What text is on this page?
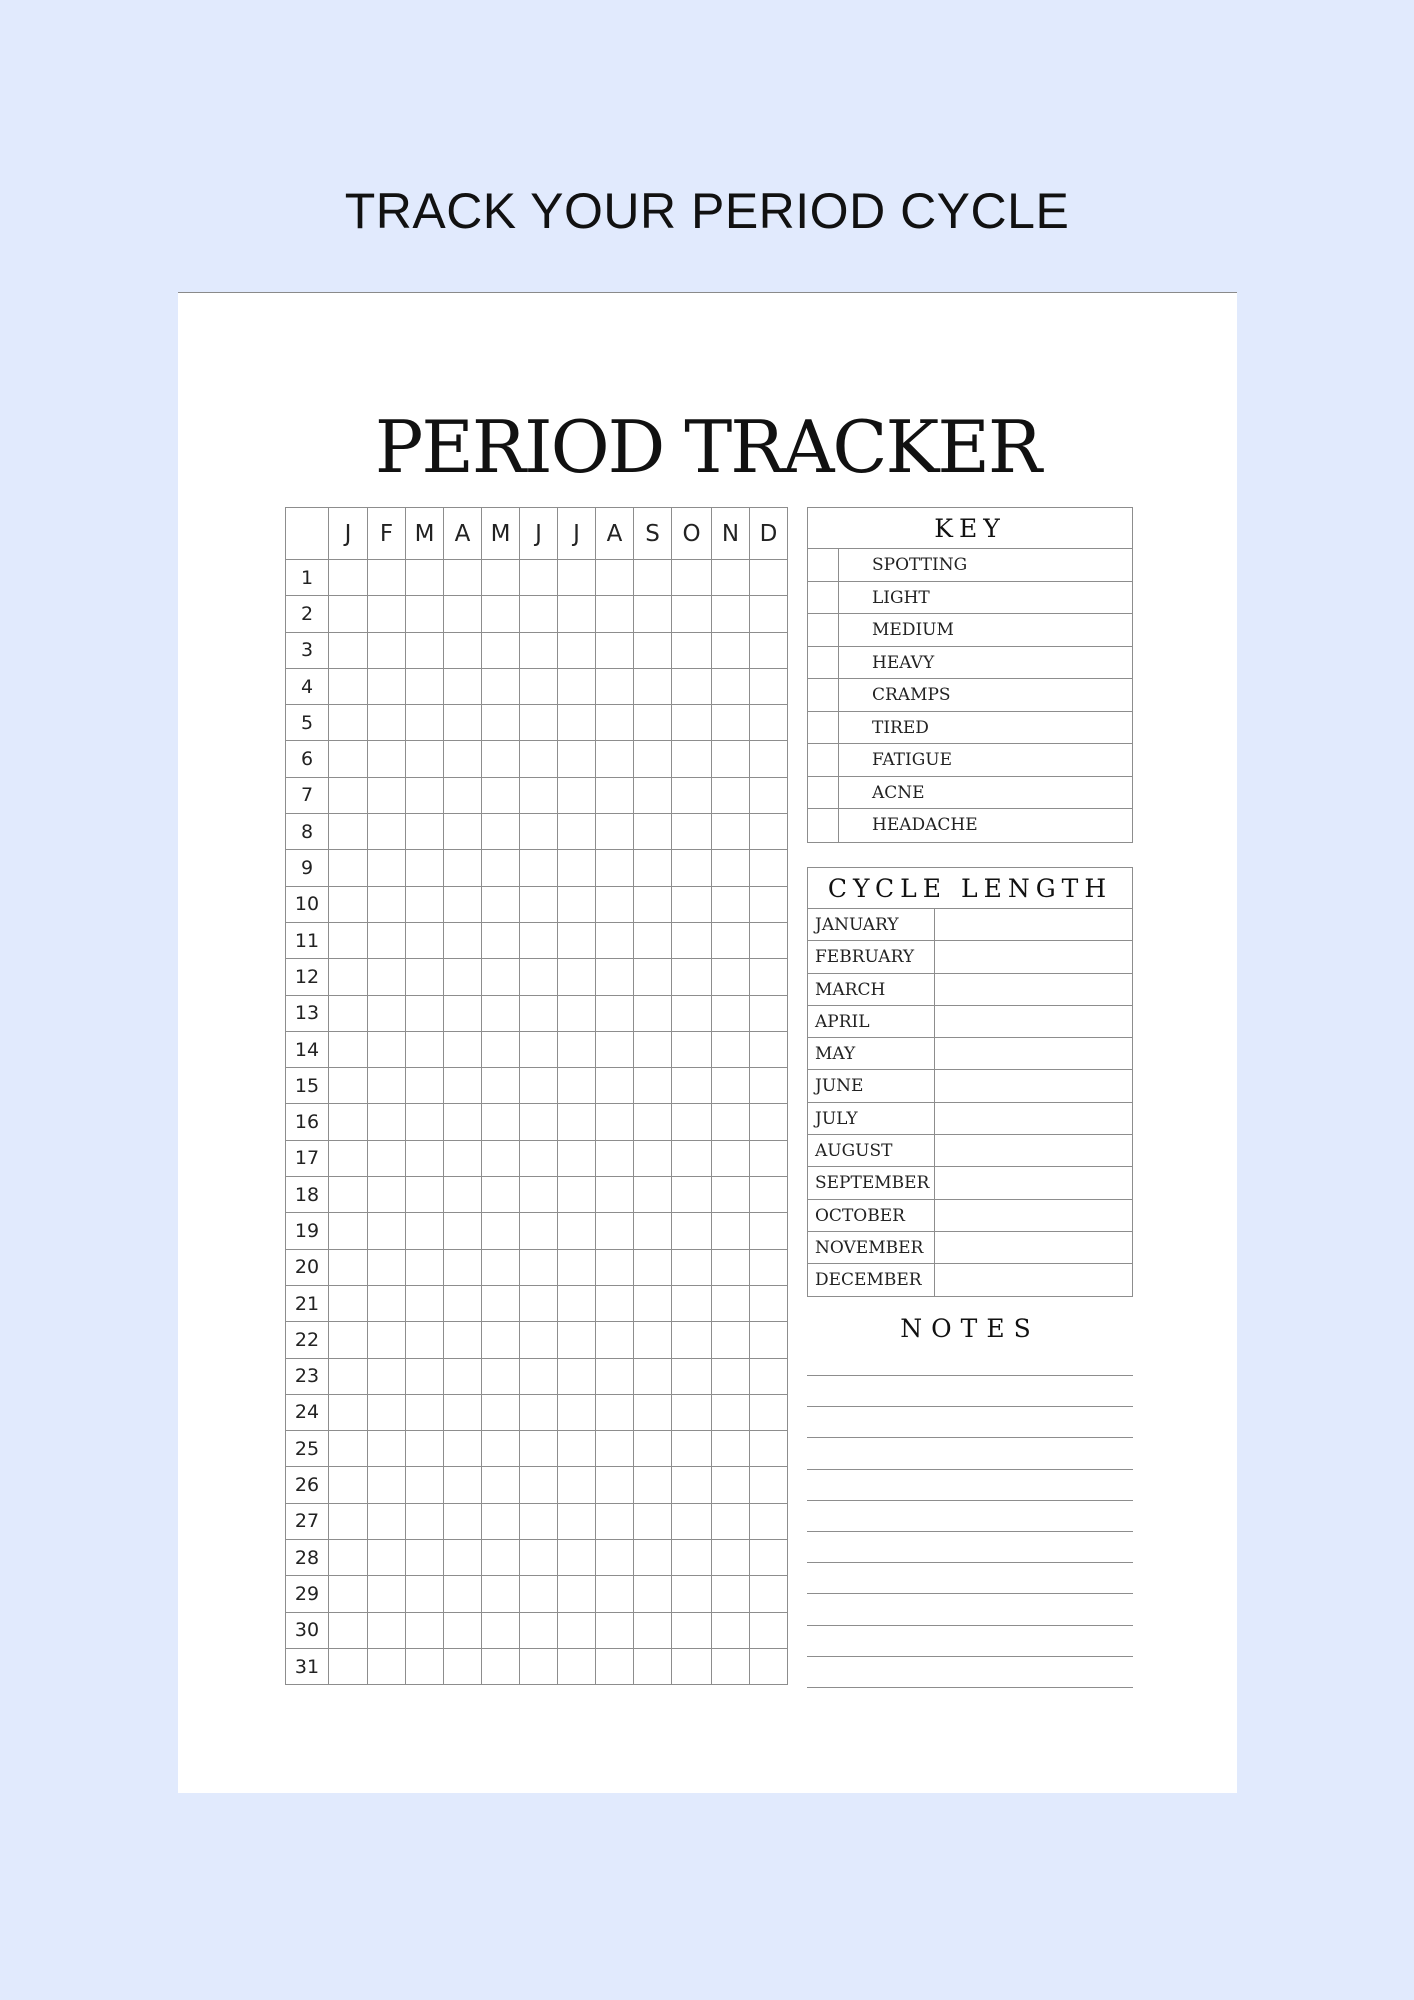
TRACK YOUR PERIOD CYCLE
PERIOD TRACKER
	J	F	M	A	M	J	J	A	S	O	N	D
1												
2												
3												
4												
5												
6												
7												
8												
9												
10												
11												
12												
13												
14												
15												
16												
17												
18												
19												
20												
21												
22												
23												
24												
25												
26												
27												
28												
29												
30												
31												
KEY
SPOTTING
LIGHT
MEDIUM
HEAVY
CRAMPS
TIRED
FATIGUE
ACNE
HEADACHE
CYCLE LENGTH
JANUARY
FEBRUARY
MARCH
APRIL
MAY
JUNE
JULY
AUGUST
SEPTEMBER
OCTOBER
NOVEMBER
DECEMBER
NOTES
